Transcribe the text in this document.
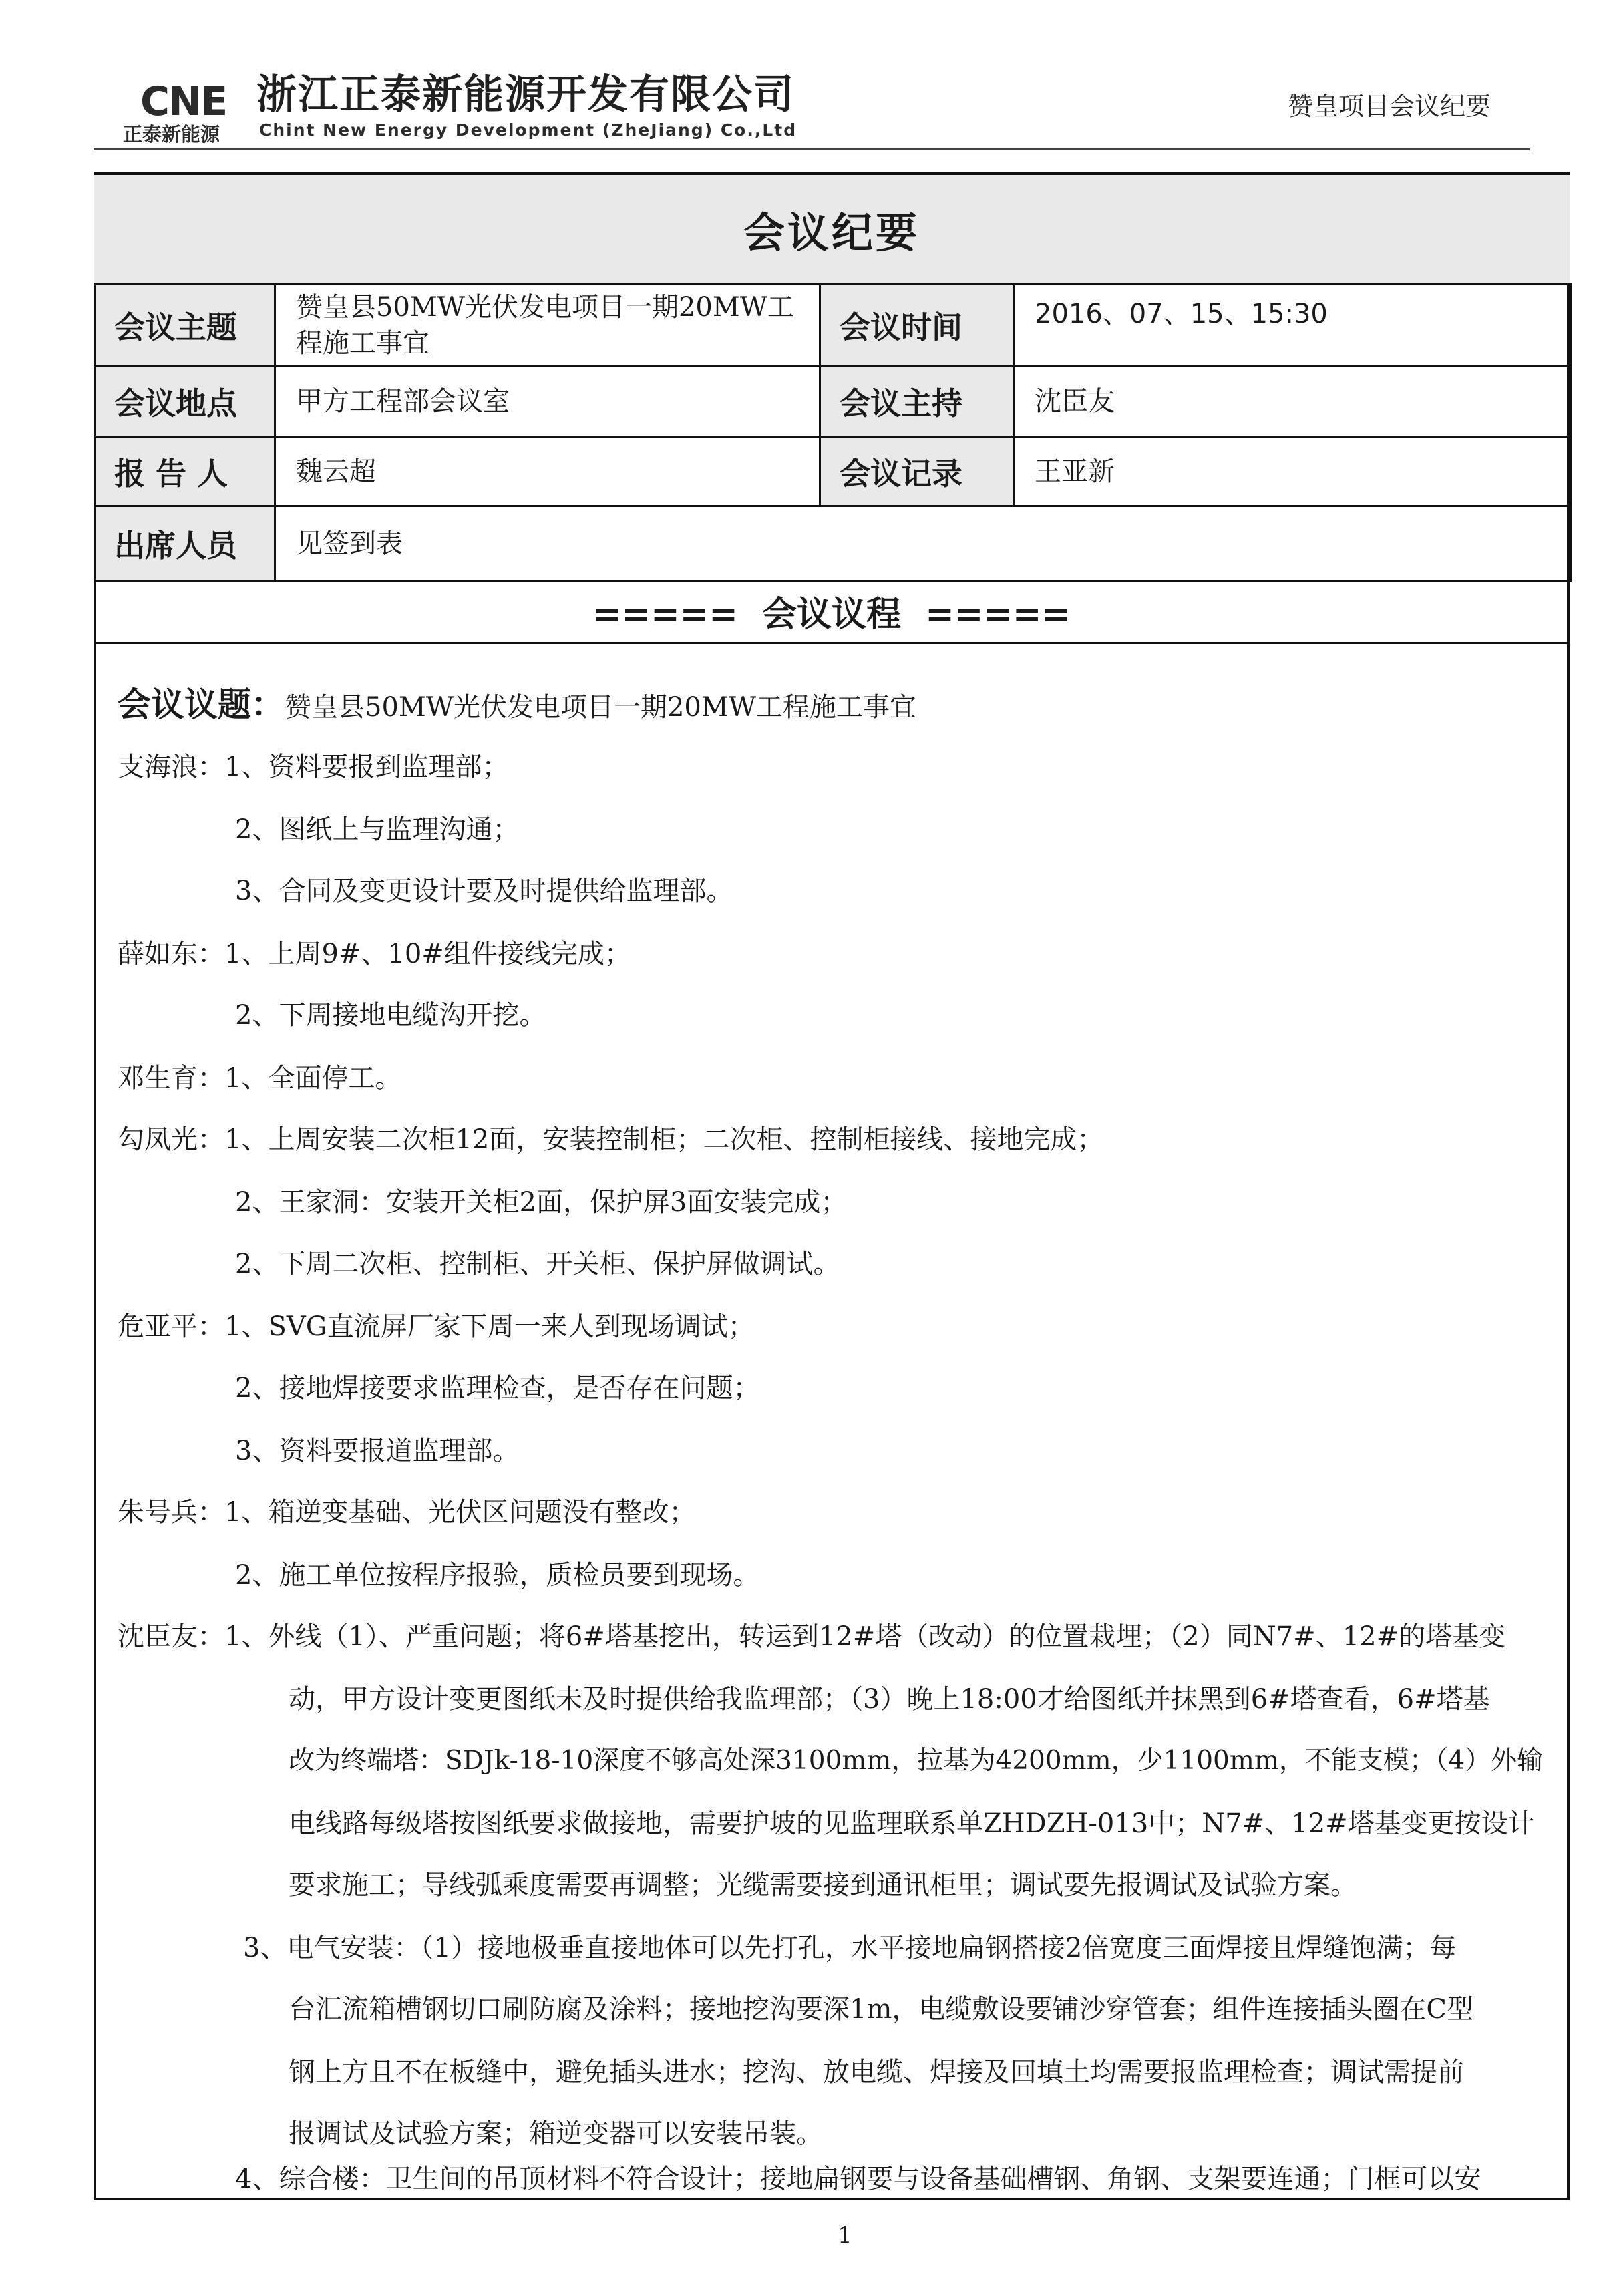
CNE
正泰新能源
浙江正泰新能源开发有限公司
Chint New Energy Development (ZheJiang) Co.,Ltd
赞皇项目会议纪要
会议纪要
会议主题	赞皇县50MW光伏发电项目一期20MW工程施工事宜	会议时间	2016、07、15、15:30
会议地点	甲方工程部会议室	会议主持	沈臣友
报 告 人	魏云超	会议记录	王亚新
出席人员	见签到表		
=====  会议议程  =====
会议议题：赞皇县50MW光伏发电项目一期20MW工程施工事宜
支海浪：1、资料要报到监理部；
2、图纸上与监理沟通；
3、合同及变更设计要及时提供给监理部。
薛如东：1、上周9#、10#组件接线完成；
2、下周接地电缆沟开挖。
邓生育：1、全面停工。
勾凤光：1、上周安装二次柜12面，安装控制柜；二次柜、控制柜接线、接地完成；
2、王家洞：安装开关柜2面，保护屏3面安装完成；
2、下周二次柜、控制柜、开关柜、保护屏做调试。
危亚平：1、SVG直流屏厂家下周一来人到现场调试；
2、接地焊接要求监理检查，是否存在问题；
3、资料要报道监理部。
朱号兵：1、箱逆变基础、光伏区问题没有整改；
2、施工单位按程序报验，质检员要到现场。
沈臣友：1、外线（1）、严重问题；将6#塔基挖出，转运到12#塔（改动）的位置栽埋；（2）同N7#、12#的塔基变
动，甲方设计变更图纸未及时提供给我监理部；（3）晚上18:00才给图纸并抹黑到6#塔查看，6#塔基
改为终端塔：SDJk-18-10深度不够高处深3100mm，拉基为4200mm，少1100mm，不能支模；（4）外输
电线路每级塔按图纸要求做接地，需要护坡的见监理联系单ZHDZH-013中；N7#、12#塔基变更按设计
要求施工；导线弧乘度需要再调整；光缆需要接到通讯柜里；调试要先报调试及试验方案。
3、电气安装：（1）接地极垂直接地体可以先打孔，水平接地扁钢搭接2倍宽度三面焊接且焊缝饱满；每
台汇流箱槽钢切口刷防腐及涂料；接地挖沟要深1m，电缆敷设要铺沙穿管套；组件连接插头圈在C型
钢上方且不在板缝中，避免插头进水；挖沟、放电缆、焊接及回填土均需要报监理检查；调试需提前
报调试及试验方案；箱逆变器可以安装吊装。
4、综合楼：卫生间的吊顶材料不符合设计；接地扁钢要与设备基础槽钢、角钢、支架要连通；门框可以安
1
